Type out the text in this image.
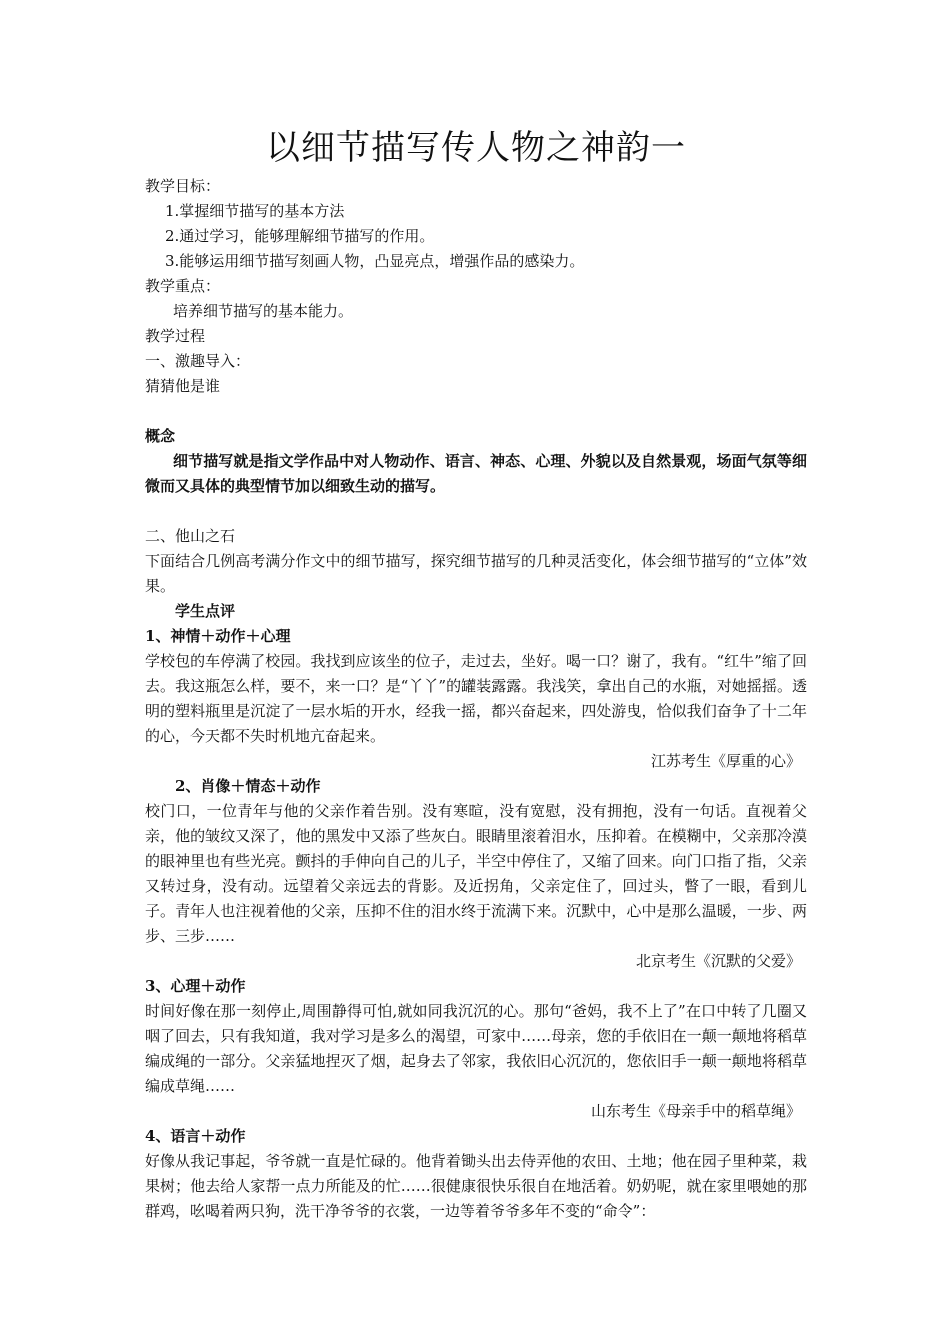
以细节描写传人物之神韵一
教学目标：
1.掌握细节描写的基本方法
2.通过学习，能够理解细节描写的作用。
3.能够运用细节描写刻画人物，凸显亮点，增强作品的感染力。
教学重点：
培养细节描写的基本能力。
教学过程
一、激趣导入：
猜猜他是谁
概念
细节描写就是指文学作品中对人物动作、语言、神态、心理、外貌以及自然景观，场面气氛等细微而又具体的典型情节加以细致生动的描写。
二、他山之石
下面结合几例高考满分作文中的细节描写，探究细节描写的几种灵活变化，体会细节描写的“立体”效果。
学生点评
1、神情＋动作＋心理
学校包的车停满了校园。我找到应该坐的位子，走过去，坐好。喝一口？谢了，我有。“红牛”缩了回去。我这瓶怎么样，要不，来一口？是“丫丫”的罐装露露。我浅笑，拿出自己的水瓶，对她摇摇。透明的塑料瓶里是沉淀了一层水垢的开水，经我一摇，都兴奋起来，四处游曳，恰似我们奋争了十二年的心，今天都不失时机地亢奋起来。
江苏考生《厚重的心》
2、肖像＋情态＋动作
校门口，一位青年与他的父亲作着告别。没有寒暄，没有宽慰，没有拥抱，没有一句话。直视着父亲，他的皱纹又深了，他的黑发中又添了些灰白。眼睛里滚着泪水，压抑着。在模糊中，父亲那冷漠的眼神里也有些光亮。颤抖的手伸向自己的儿子，半空中停住了，又缩了回来。向门口指了指，父亲又转过身，没有动。远望着父亲远去的背影。及近拐角，父亲定住了，回过头，瞥了一眼，看到儿子。青年人也注视着他的父亲，压抑不住的泪水终于流满下来。沉默中，心中是那么温暖，一步、两步、三步……
北京考生《沉默的父爱》
3、心理＋动作
时间好像在那一刻停止,周围静得可怕,就如同我沉沉的心。那句“爸妈，我不上了”在口中转了几圈又咽了回去，只有我知道，我对学习是多么的渴望，可家中……母亲，您的手依旧在一颠一颠地将稻草编成绳的一部分。父亲猛地捏灭了烟，起身去了邻家，我依旧心沉沉的，您依旧手一颠一颠地将稻草编成草绳……
山东考生《母亲手中的稻草绳》
4、语言＋动作
好像从我记事起，爷爷就一直是忙碌的。他背着锄头出去侍弄他的农田、土地；他在园子里种菜，栽果树；他去给人家帮一点力所能及的忙……很健康很快乐很自在地活着。奶奶呢，就在家里喂她的那群鸡，吆喝着两只狗，洗干净爷爷的衣裳，一边等着爷爷多年不变的“命令”：
